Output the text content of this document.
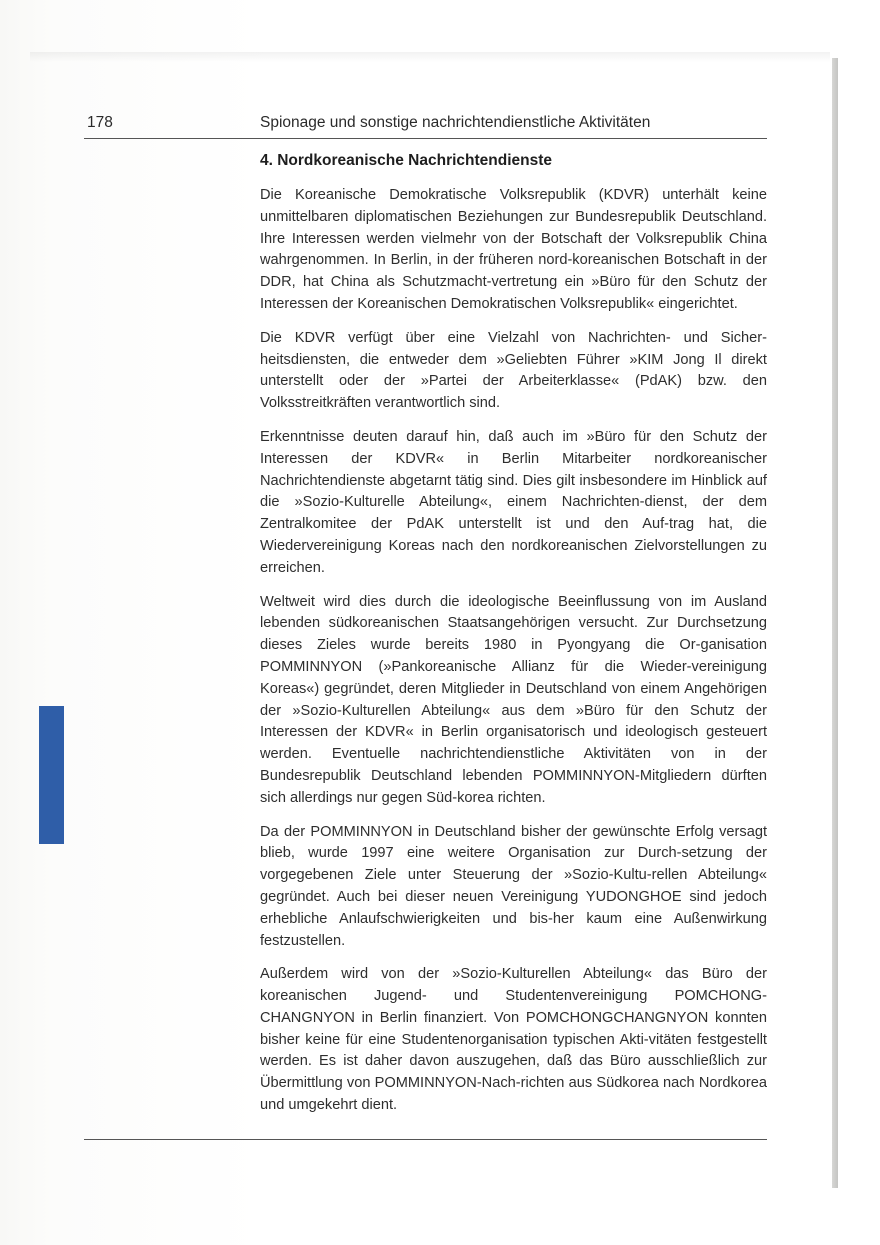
178	Spionage und sonstige nachrichtendienstliche Aktivitäten
4. Nordkoreanische Nachrichtendienste

Die Koreanische Demokratische Volksrepublik (KDVR) unterhält keine unmittelbaren diplomatischen Beziehungen zur Bundesrepublik Deutschland. Ihre Interessen werden vielmehr von der Botschaft der Volksrepublik China wahrgenommen. In Berlin, in der früheren nord-koreanischen Botschaft in der DDR, hat China als Schutzmacht-vertretung ein »Büro für den Schutz der Interessen der Koreanischen Demokratischen Volksrepublik« eingerichtet.

Die KDVR verfügt über eine Vielzahl von Nachrichten- und Sicher-heitsdiensten, die entweder dem »Geliebten Führer »KIM Jong Il direkt unterstellt oder der »Partei der Arbeiterklasse« (PdAK) bzw. den Volksstreitkräften verantwortlich sind.

Erkenntnisse deuten darauf hin, daß auch im »Büro für den Schutz der Interessen der KDVR« in Berlin Mitarbeiter nordkoreanischer Nachrichtendienste abgetarnt tätig sind. Dies gilt insbesondere im Hinblick auf die »Sozio-Kulturelle Abteilung«, einem Nachrichten-dienst, der dem Zentralkomitee der PdAK unterstellt ist und den Auf-trag hat, die Wiedervereinigung Koreas nach den nordkoreanischen Zielvorstellungen zu erreichen.

Weltweit wird dies durch die ideologische Beeinflussung von im Ausland lebenden südkoreanischen Staatsangehörigen versucht. Zur Durchsetzung dieses Zieles wurde bereits 1980 in Pyongyang die Or-ganisation POMMINNYON (»Pankoreanische Allianz für die Wieder-vereinigung Koreas«) gegründet, deren Mitglieder in Deutschland von einem Angehörigen der »Sozio-Kulturellen Abteilung« aus dem »Büro für den Schutz der Interessen der KDVR« in Berlin organisatorisch und ideologisch gesteuert werden. Eventuelle nachrichtendienstliche Aktivitäten von in der Bundesrepublik Deutschland lebenden POMMINNYON-Mitgliedern dürften sich allerdings nur gegen Süd-korea richten.

Da der POMMINNYON in Deutschland bisher der gewünschte Erfolg versagt blieb, wurde 1997 eine weitere Organisation zur Durch-setzung der vorgegebenen Ziele unter Steuerung der »Sozio-Kultu-rellen Abteilung« gegründet. Auch bei dieser neuen Vereinigung YUDONGHOE sind jedoch erhebliche Anlaufschwierigkeiten und bis-her kaum eine Außenwirkung festzustellen.

Außerdem wird von der »Sozio-Kulturellen Abteilung« das Büro der koreanischen Jugend- und Studentenvereinigung POMCHONG-CHANGNYON in Berlin finanziert. Von POMCHONGCHANGNYON konnten bisher keine für eine Studentenorganisation typischen Akti-vitäten festgestellt werden. Es ist daher davon auszugehen, daß das Büro ausschließlich zur Übermittlung von POMMINNYON-Nach-richten aus Südkorea nach Nordkorea und umgekehrt dient.
